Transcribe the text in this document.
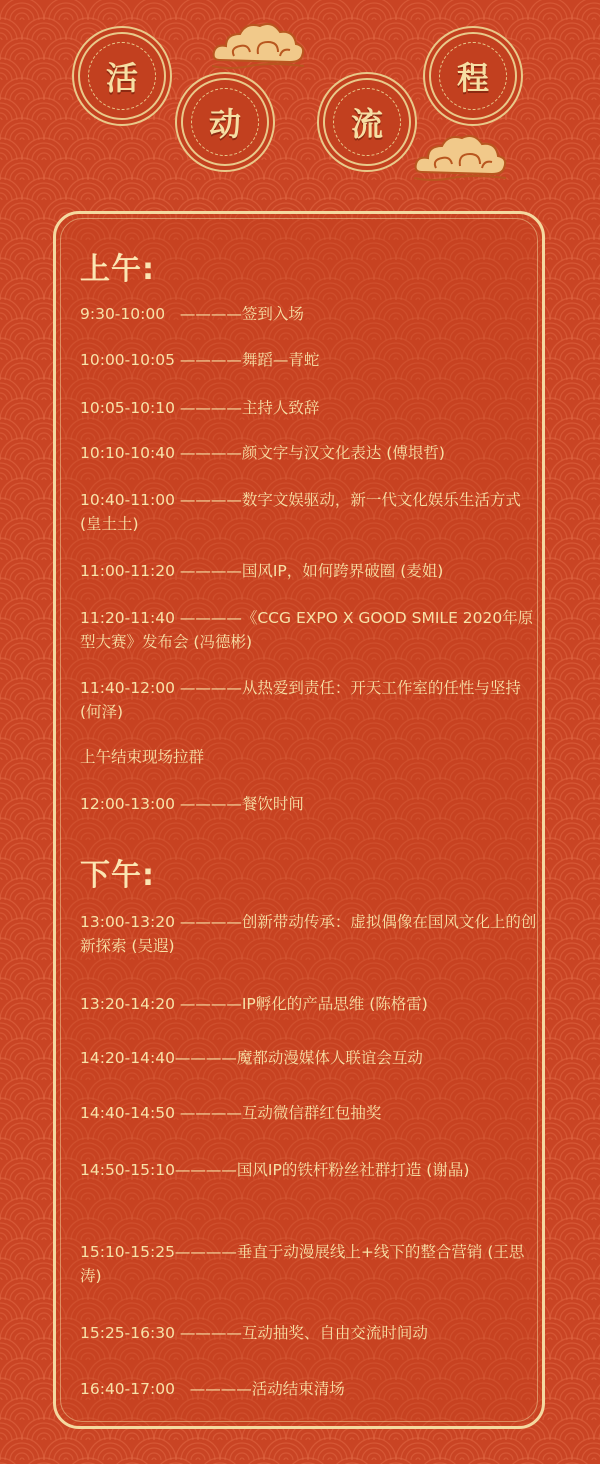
活
动	流
程
上午:
9:30-10:00   ————签到入场
10:00-10:05 ————舞蹈—青蛇
10:05-10:10 ————主持人致辞
10:10-10:40 ————颜文字与汉文化表达 (傅垠哲)
10:40-11:00 ————数字文娱驱动，新一代文化娱乐生活方式 (皇土土)
11:00-11:20 ————国风IP，如何跨界破圈 (麦姐)
11:20-11:40 ————《CCG EXPO X GOOD SMILE 2020年原型大赛》发布会 (冯德彬)
11:40-12:00 ————从热爱到责任：开天工作室的任性与坚持 (何泽)
上午结束现场拉群
12:00-13:00 ————餐饮时间
下午:
13:00-13:20 ————创新带动传承：虚拟偶像在国风文化上的创新探索 (吴遐)
13:20-14:20 ————IP孵化的产品思维 (陈格雷)
14:20-14:40————魔都动漫媒体人联谊会互动
14:40-14:50 ————互动微信群红包抽奖
14:50-15:10————国风IP的铁杆粉丝社群打造 (谢晶)
15:10-15:25————垂直于动漫展线上+线下的整合营销 (王思涛)
15:25-16:30 ————互动抽奖、自由交流时间动
16:40-17:00   ————活动结束清场
